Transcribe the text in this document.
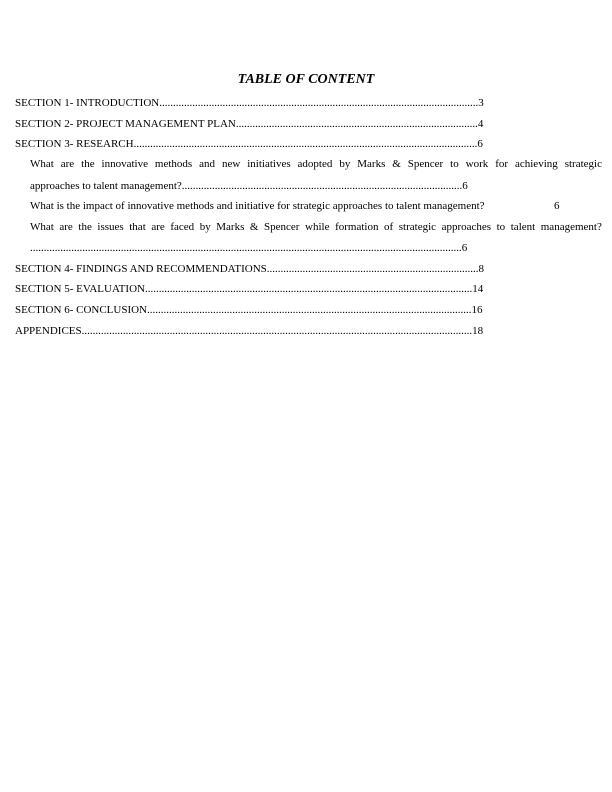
TABLE OF CONTENT
SECTION 1- INTRODUCTION....................................................................................................................3
SECTION 2- PROJECT MANAGEMENT PLAN........................................................................................4
SECTION 3- RESEARCH.............................................................................................................................6
What are the innovative methods and new initiatives adopted by Marks & Spencer to work for achieving strategic
approaches to talent management?......................................................................................................6
What is the impact of innovative methods and initiative for strategic approaches to talent management?	6
What are the issues that are faced by Marks & Spencer while formation of strategic approaches to talent management?
.............................................................................................................................................................6
SECTION 4- FINDINGS AND RECOMMENDATIONS.............................................................................8
SECTION 5- EVALUATION.......................................................................................................................14
SECTION 6- CONCLUSION......................................................................................................................16
APPENDICES..............................................................................................................................................18
